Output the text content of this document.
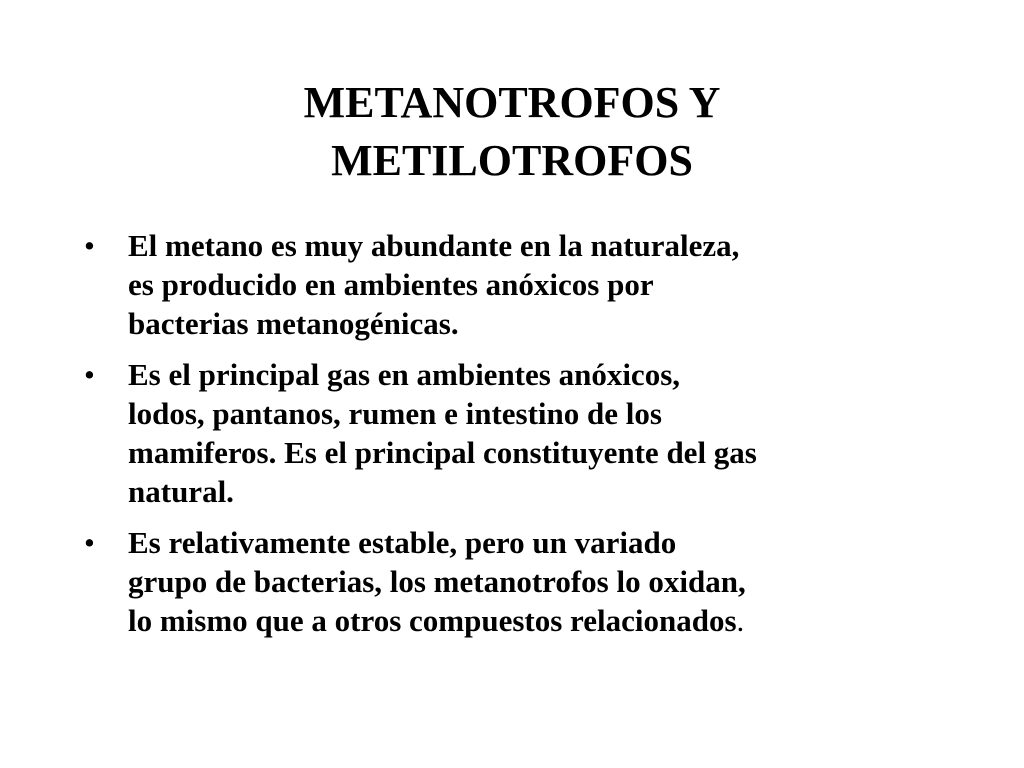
METANOTROFOS Y
METILOTROFOS
• El metano es muy abundante en la naturaleza,
es producido en ambientes anóxicos por
bacterias metanogénicas.
• Es el principal gas en ambientes anóxicos,
lodos, pantanos, rumen e intestino de los
mamiferos. Es el principal constituyente del gas
natural.
• Es relativamente estable, pero un variado
grupo de bacterias, los metanotrofos lo oxidan,
lo mismo que a otros compuestos relacionados.
